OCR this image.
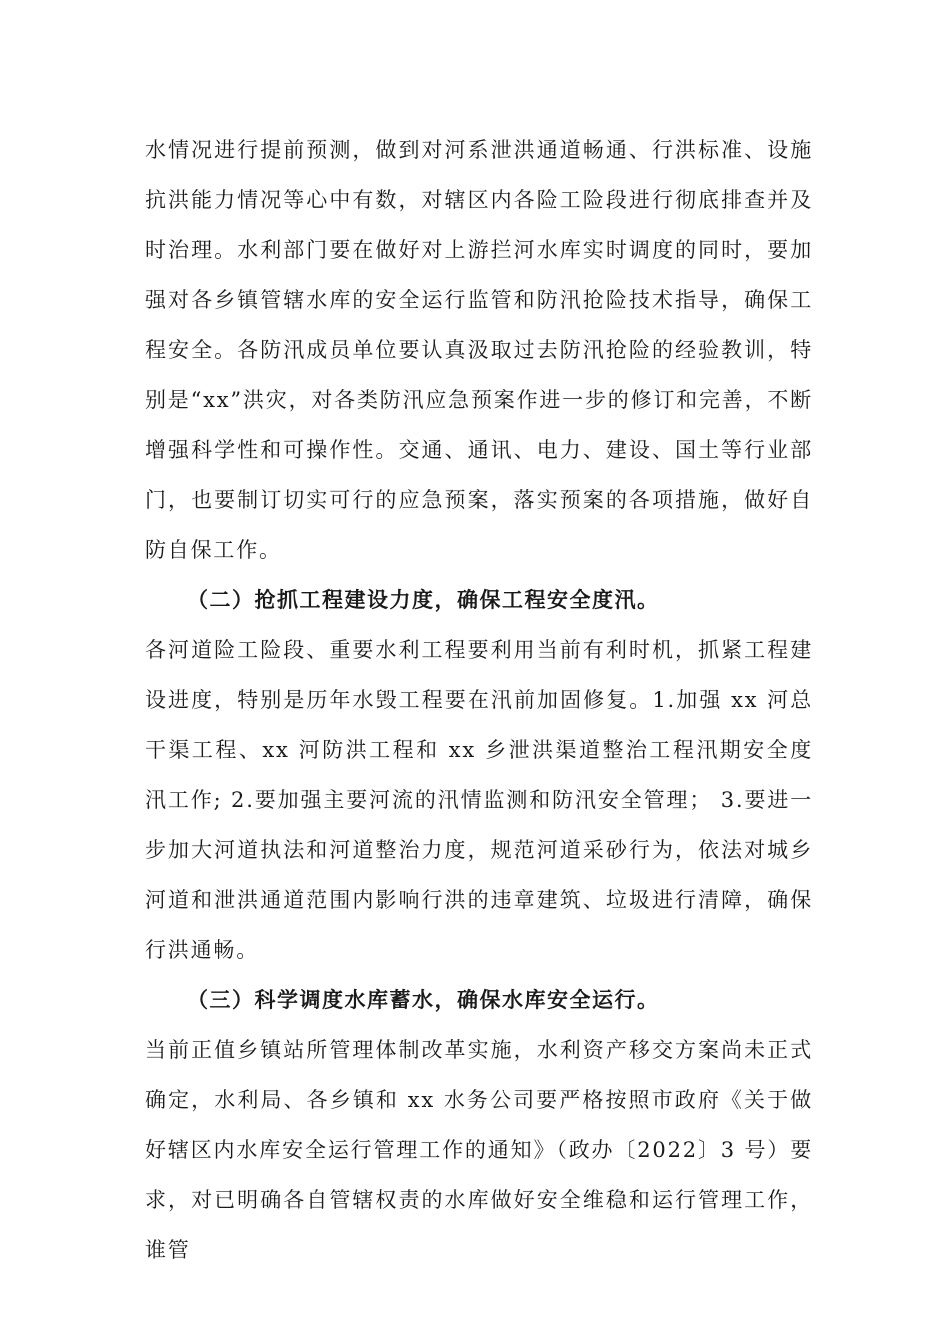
水情况进行提前预测，做到对河系泄洪通道畅通、行洪标准、设施抗洪能力情况等心中有数，对辖区内各险工险段进行彻底排查并及时治理。水利部门要在做好对上游拦河水库实时调度的同时，要加强对各乡镇管辖水库的安全运行监管和防汛抢险技术指导，确保工程安全。各防汛成员单位要认真汲取过去防汛抢险的经验教训，特别是“xx”洪灾，对各类防汛应急预案作进一步的修订和完善，不断增强科学性和可操作性。交通、通讯、电力、建设、国土等行业部门，也要制订切实可行的应急预案，落实预案的各项措施，做好自防自保工作。

（二）抢抓工程建设力度，确保工程安全度汛。

各河道险工险段、重要水利工程要利用当前有利时机，抓紧工程建设进度，特别是历年水毁工程要在汛前加固修复。1.加强 xx 河总干渠工程、xx 河防洪工程和 xx 乡泄洪渠道整治工程汛期安全度汛工作; 2.要加强主要河流的汛情监测和防汛安全管理； 3.要进一步加大河道执法和河道整治力度，规范河道采砂行为，依法对城乡河道和泄洪通道范围内影响行洪的违章建筑、垃圾进行清障，确保行洪通畅。

（三）科学调度水库蓄水，确保水库安全运行。

当前正值乡镇站所管理体制改革实施，水利资产移交方案尚未正式确定，水利局、各乡镇和 xx 水务公司要严格按照市政府《关于做好辖区内水库安全运行管理工作的通知》（政办〔2022〕3 号）要求，对已明确各自管辖权责的水库做好安全维稳和运行管理工作，谁管
